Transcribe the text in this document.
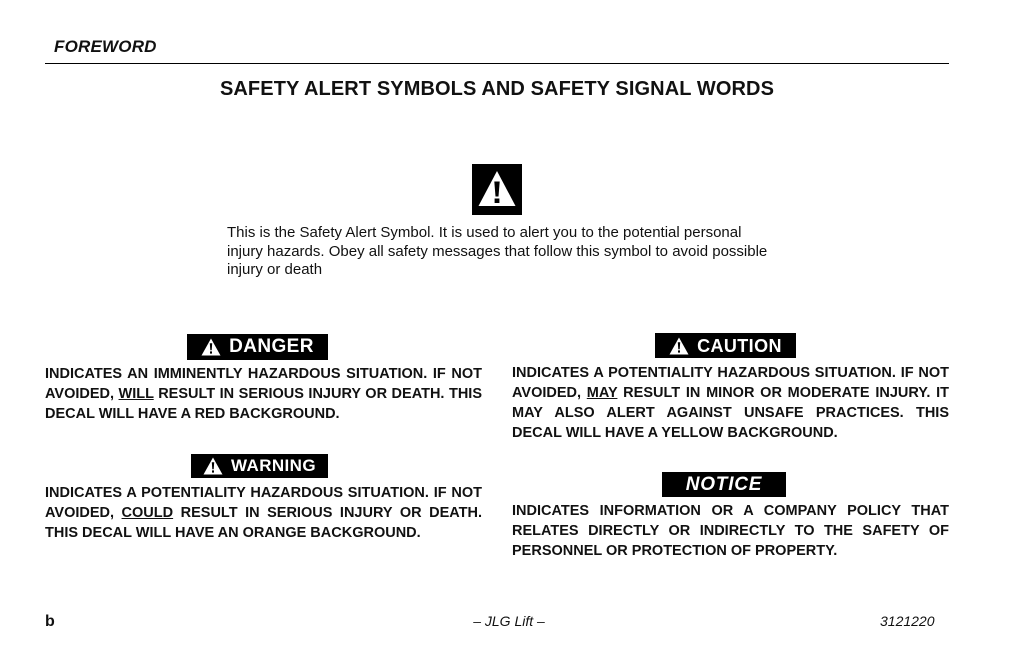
FOREWORD
SAFETY ALERT SYMBOLS AND SAFETY SIGNAL WORDS
This is the Safety Alert Symbol. It is used to alert you to the potential personal injury hazards. Obey all safety messages that follow this symbol to avoid possible injury or death
DANGER
INDICATES AN IMMINENTLY HAZARDOUS SITUATION. IF NOT AVOIDED, WILL RESULT IN SERIOUS INJURY OR DEATH. THIS DECAL WILL HAVE A RED BACKGROUND.
WARNING
INDICATES A POTENTIALITY HAZARDOUS SITUATION. IF NOT AVOIDED, COULD RESULT IN SERIOUS INJURY OR DEATH. THIS DECAL WILL HAVE AN ORANGE BACKGROUND.
CAUTION
INDICATES A POTENTIALITY HAZARDOUS SITUATION. IF NOT AVOIDED, MAY RESULT IN MINOR OR MODERATE INJURY. IT MAY ALSO ALERT AGAINST UNSAFE PRACTICES. THIS DECAL WILL HAVE A YELLOW BACKGROUND.
NOTICE
INDICATES INFORMATION OR A COMPANY POLICY THAT RELATES DIRECTLY OR INDIRECTLY TO THE SAFETY OF PERSONNEL OR PROTECTION OF PROPERTY.
b	– JLG Lift –	3121220
